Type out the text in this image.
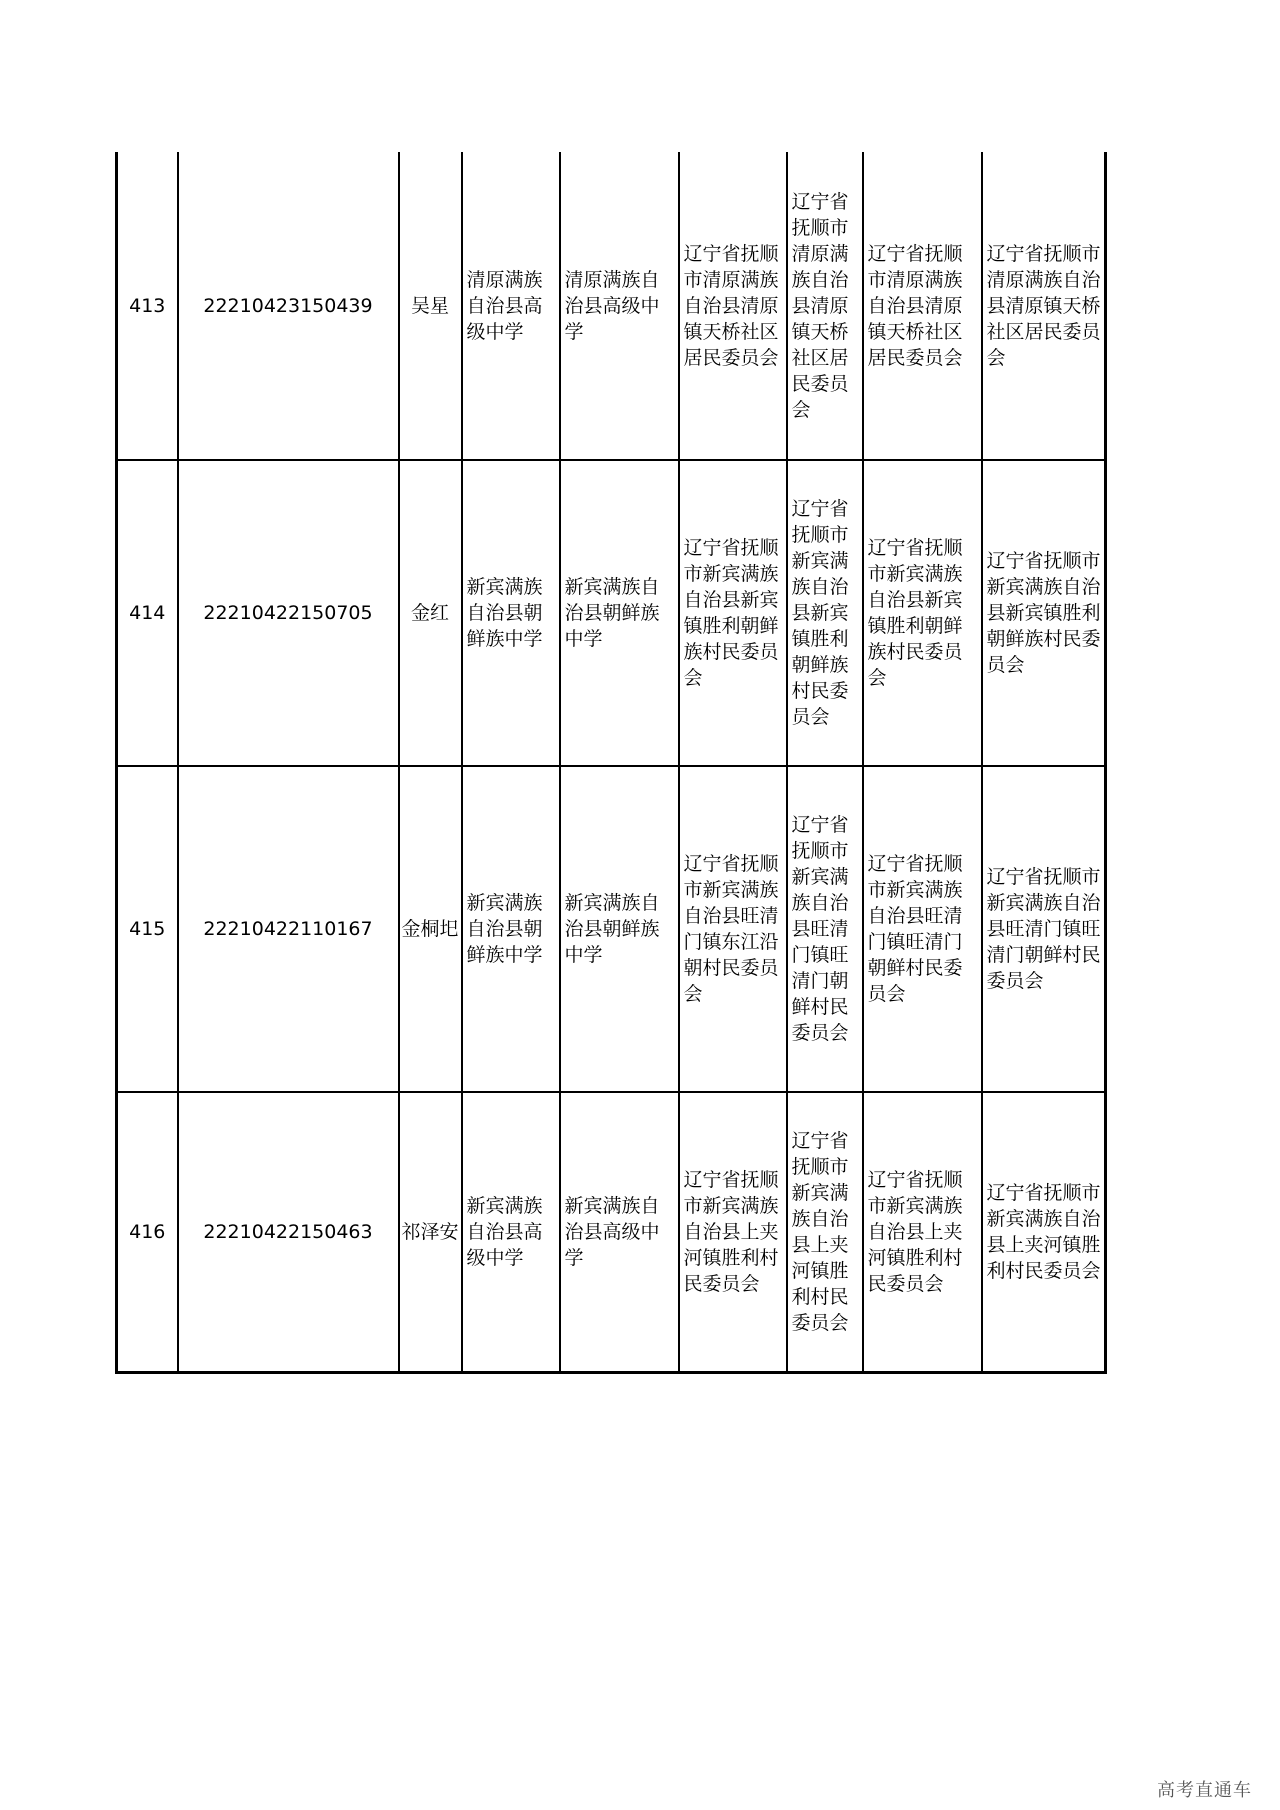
413	22210423150439	吴星	清原满族自治县高级中学	清原满族自治县高级中学	辽宁省抚顺市清原满族自治县清原镇天桥社区居民委员会	辽宁省抚顺市清原满族自治县清原镇天桥社区居民委员会	辽宁省抚顺市清原满族自治县清原镇天桥社区居民委员会	辽宁省抚顺市清原满族自治县清原镇天桥社区居民委员会

414	22210422150705	金红	新宾满族自治县朝鲜族中学	新宾满族自治县朝鲜族中学	辽宁省抚顺市新宾满族自治县新宾镇胜利朝鲜族村民委员会	辽宁省抚顺市新宾满族自治县新宾镇胜利朝鲜族村民委员会	辽宁省抚顺市新宾满族自治县新宾镇胜利朝鲜族村民委员会	辽宁省抚顺市新宾满族自治县新宾镇胜利朝鲜族村民委员会

415	22210422110167	金桐圯	新宾满族自治县朝鲜族中学	新宾满族自治县朝鲜族中学	辽宁省抚顺市新宾满族自治县旺清门镇东江沿朝村民委员会	辽宁省抚顺市新宾满族自治县旺清门镇旺清门朝鲜村民委员会	辽宁省抚顺市新宾满族自治县旺清门镇旺清门朝鲜村民委员会	辽宁省抚顺市新宾满族自治县旺清门镇旺清门朝鲜村民委员会

416	22210422150463	祁泽安	新宾满族自治县高级中学	新宾满族自治县高级中学	辽宁省抚顺市新宾满族自治县上夹河镇胜利村民委员会	辽宁省抚顺市新宾满族自治县上夹河镇胜利村民委员会	辽宁省抚顺市新宾满族自治县上夹河镇胜利村民委员会	辽宁省抚顺市新宾满族自治县上夹河镇胜利村民委员会
高考直通车
